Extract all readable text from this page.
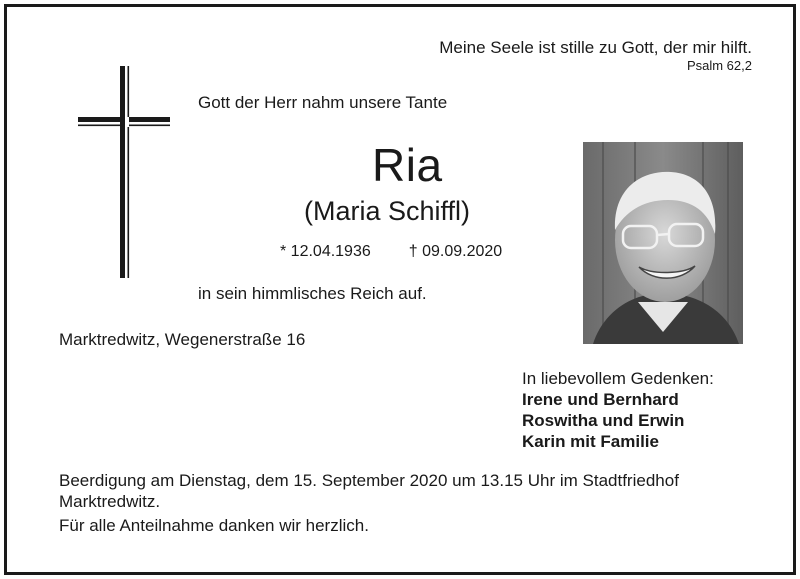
Meine Seele ist stille zu Gott, der mir hilft.
Psalm 62,2
Gott der Herr nahm unsere Tante
Ria
(Maria Schiffl)
* 12.04.1936 † 09.09.2020
in sein himmlisches Reich auf.
Marktredwitz, Wegenerstraße 16
In liebevollem Gedenken:
Irene und Bernhard
Roswitha und Erwin
Karin mit Familie
Beerdigung am Dienstag, dem 15. September 2020 um 13.15 Uhr im Stadtfriedhof Marktredwitz.
Für alle Anteilnahme danken wir herzlich.
